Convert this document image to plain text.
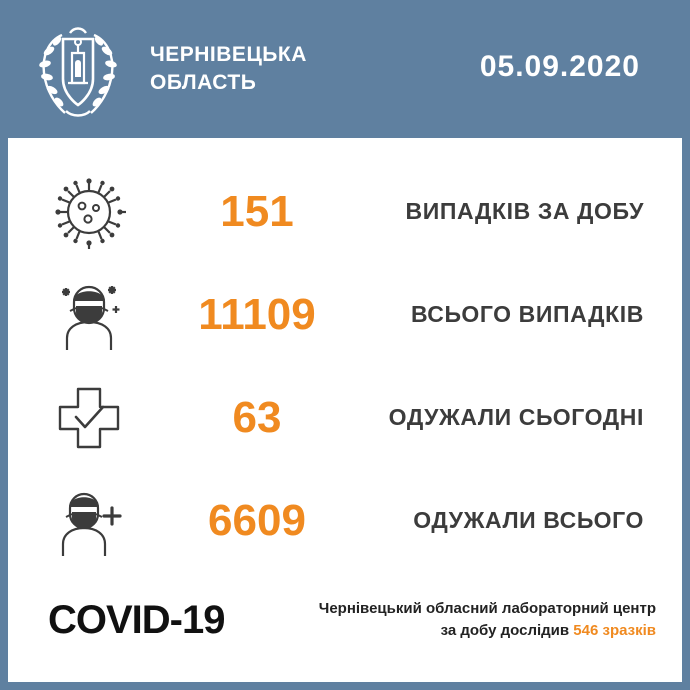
ЧЕРНІВЕЦЬКА
ОБЛАСТЬ	05.09.2020
151	ВИПАДКІВ ЗА ДОБУ
11109	ВСЬОГО ВИПАДКІВ
63	ОДУЖАЛИ СЬОГОДНІ
6609	ОДУЖАЛИ ВСЬОГО
COVID-19	Чернівецький обласний лабораторний центр
за добу дослідив 546 зразків
